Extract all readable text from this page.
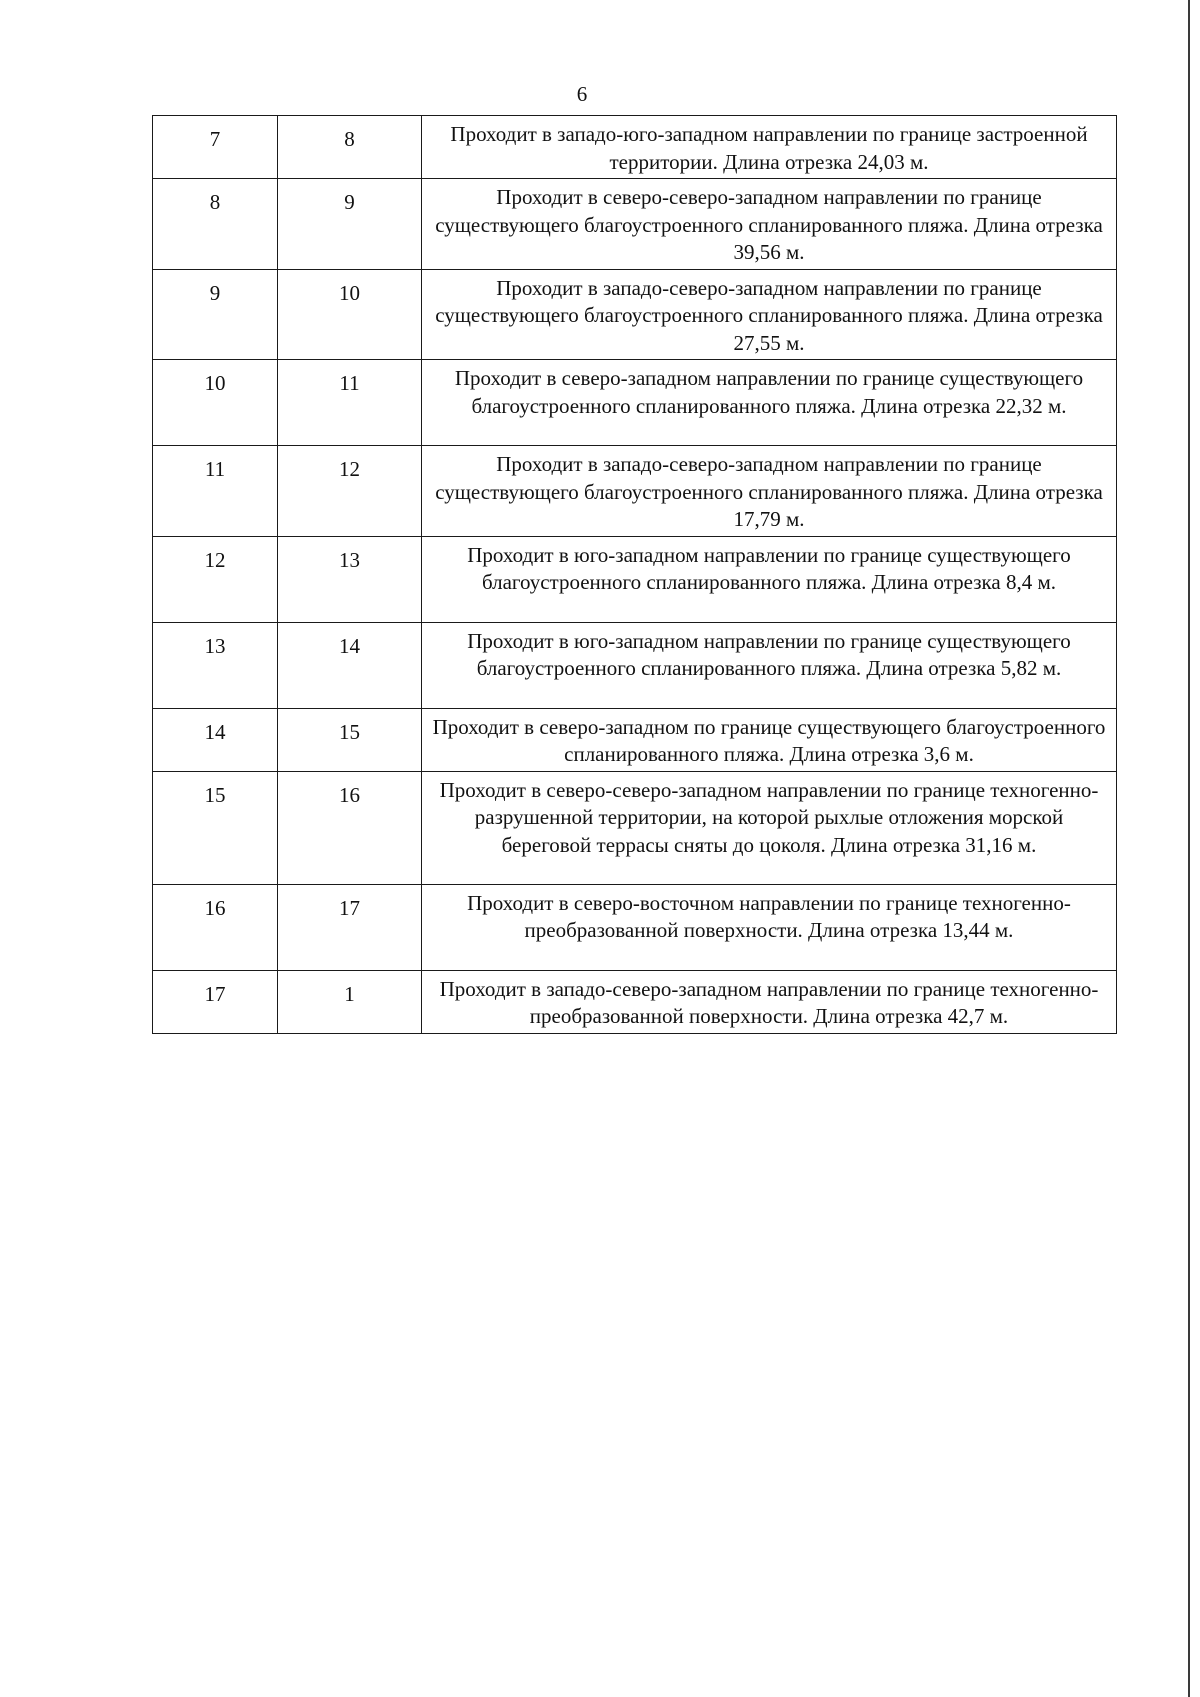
6
7	8	Проходит в западо-юго-западном направлении по границе застроенной территории. Длина отрезка 24,03 м.
8	9	Проходит в северо-северо-западном направлении по границе существующего благоустроенного спланированного пляжа. Длина отрезка 39,56 м.
9	10	Проходит в западо-северо-западном направлении по границе существующего благоустроенного спланированного пляжа. Длина отрезка 27,55 м.
10	11	Проходит в северо-западном направлении по границе существующего благоустроенного спланированного пляжа. Длина отрезка 22,32 м.
11	12	Проходит в западо-северо-западном направлении по границе существующего благоустроенного спланированного пляжа. Длина отрезка 17,79 м.
12	13	Проходит в юго-западном направлении по границе существующего благоустроенного спланированного пляжа. Длина отрезка 8,4 м.
13	14	Проходит в юго-западном направлении по границе существующего благоустроенного спланированного пляжа. Длина отрезка 5,82 м.
14	15	Проходит в северо-западном по границе существующего благоустроенного спланированного пляжа. Длина отрезка 3,6 м.
15	16	Проходит в северо-северо-западном направлении по границе техногенно-разрушенной территории, на которой рыхлые отложения морской береговой террасы сняты до цоколя. Длина отрезка 31,16 м.
16	17	Проходит в северо-восточном направлении по границе техногенно-преобразованной поверхности. Длина отрезка 13,44 м.
17	1	Проходит в западо-северо-западном направлении по границе техногенно-преобразованной поверхности. Длина отрезка 42,7 м.
